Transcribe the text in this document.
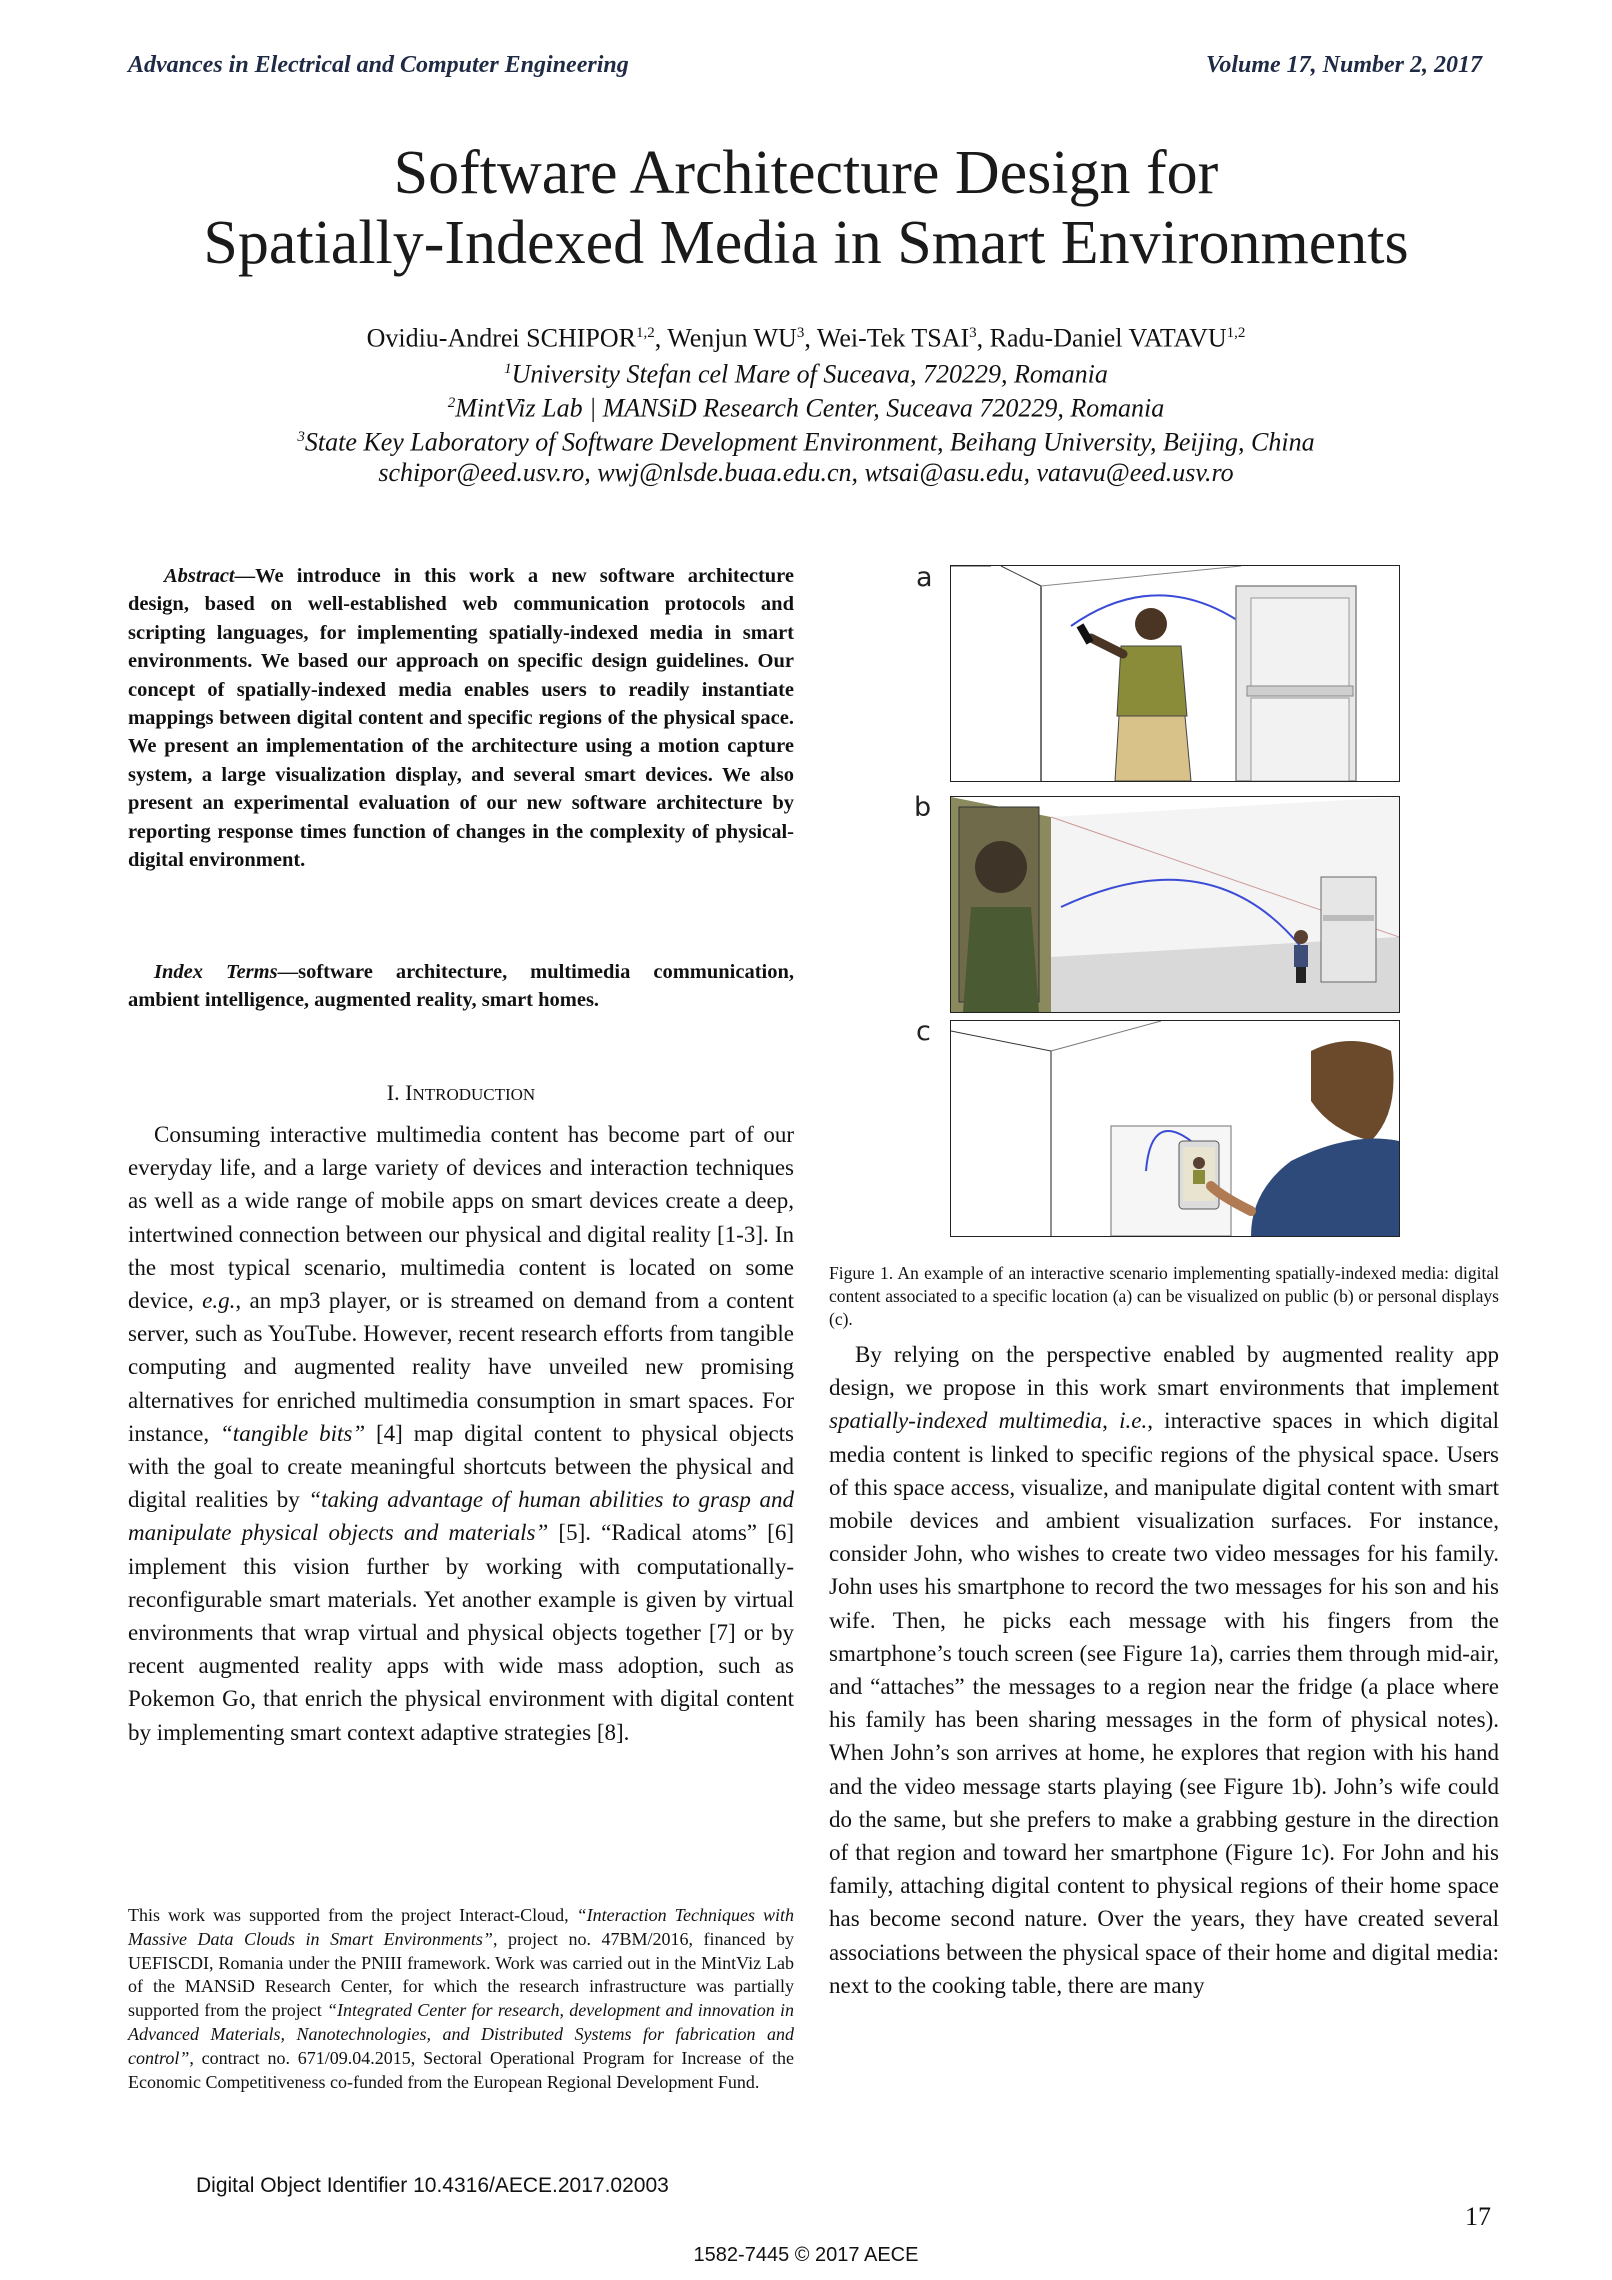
Advances in Electrical and Computer Engineering	Volume 17, Number 2, 2017
Software Architecture Design for
Spatially-Indexed Media in Smart Environments
Ovidiu-Andrei SCHIPOR$^{1,2}$, Wenjun $WU^3$, Wei-Tek TSAI$^3$, Radu-Daniel VATAVU$^{1,2}$
$^1$University Stefan cel Mare of Suceava, 720229, Romania
$^2$MintViz Lab | MANSiD Research Center, Suceava 720229, Romania
$^3$State Key Laboratory of Software Development Environment, Beihang University, Beijing, China
schipor@eed.usv.ro, wwj@nlsde.buaa.edu.cn, wtsai@asu.edu, vatavu@eed.usv.ro
Abstract—We introduce in this work a new software architecture design, based on well-established web communication protocols and scripting languages, for implementing spatially-indexed media in smart environments. We based our approach on specific design guidelines. Our concept of spatially-indexed media enables users to readily instantiate mappings between digital content and specific regions of the physical space. We present an implementation of the architecture using a motion capture system, a large visualization display, and several smart devices. We also present an experimental evaluation of our new software architecture by reporting response times function of changes in the complexity of physical-digital environment.
Index Terms—software architecture, multimedia communication, ambient intelligence, augmented reality, smart homes.
I. INTRODUCTION

Consuming interactive multimedia content has become part of our everyday life, and a large variety of devices and interaction techniques as well as a wide range of mobile apps on smart devices create a deep, intertwined connection between our physical and digital reality [1-3]. In the most typical scenario, multimedia content is located on some device, e.g., an mp3 player, or is streamed on demand from a content server, such as YouTube. However, recent research efforts from tangible computing and augmented reality have unveiled new promising alternatives for enriched multimedia consumption in smart spaces. For instance, “tangible bits” [4] map digital content to physical objects with the goal to create meaningful shortcuts between the physical and digital realities by “taking advantage of human abilities to grasp and manipulate physical objects and materials” [5]. “Radical atoms” [6] implement this vision further by working with computationally-reconfigurable smart materials. Yet another example is given by virtual environments that wrap virtual and physical objects together [7] or by recent augmented reality apps with wide mass adoption, such as Pokemon Go, that enrich the physical environment with digital content by implementing smart context adaptive strategies [8].

This work was supported from the project Interact-Cloud, “Interaction Techniques with Massive Data Clouds in Smart Environments”, project no. 47BM/2016, financed by UEFISCDI, Romania under the PNIII framework. Work was carried out in the MintViz Lab of the MANSiD Research Center, for which the research infrastructure was partially supported from the project “Integrated Center for research, development and innovation in Advanced Materials, Nanotechnologies, and Distributed Systems for fabrication and control”, contract no. 671/09.04.2015, Sectoral Operational Program for Increase of the Economic Competitiveness co-funded from the European Regional Development Fund.

Digital Object Identifier 10.4316/AECE.2017.02003
a
b
c
Figure 1. An example of an interactive scenario implementing spatially-indexed media: digital content associated to a specific location (a) can be visualized on public (b) or personal displays (c).

By relying on the perspective enabled by augmented reality app design, we propose in this work smart environments that implement spatially-indexed multimedia, i.e., interactive spaces in which digital media content is linked to specific regions of the physical space. Users of this space access, visualize, and manipulate digital content with smart mobile devices and ambient visualization surfaces. For instance, consider John, who wishes to create two video messages for his family. John uses his smartphone to record the two messages for his son and his wife. Then, he picks each message with his fingers from the smartphone’s touch screen (see Figure 1a), carries them through mid-air, and “attaches” the messages to a region near the fridge (a place where his family has been sharing messages in the form of physical notes). When John’s son arrives at home, he explores that region with his hand and the video message starts playing (see Figure 1b). John’s wife could do the same, but she prefers to make a grabbing gesture in the direction of that region and toward her smartphone (Figure 1c). For John and his family, attaching digital content to physical regions of their home space has become second nature. Over the years, they have created several associations between the physical space of their home and digital media: next to the cooking table, there are many

17
1582-7445 © 2017 AECE
